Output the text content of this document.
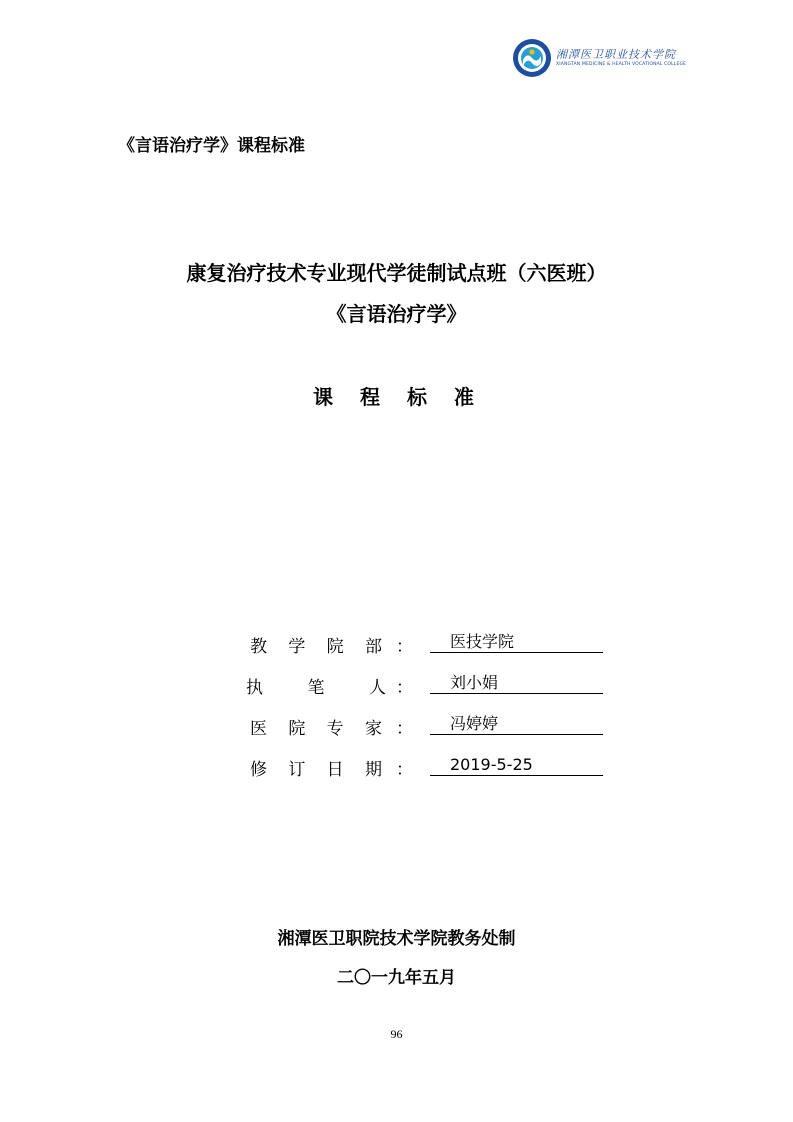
湘潭医卫职业技术学院
XIANGTAN MEDICINE & HEALTH VOCATIONAL COLLEGE
《言语治疗学》课程标准
康复治疗技术专业现代学徒制试点班（六医班）
《言语治疗学》
课 程 标 准
教 学 院 部 ：	医技学院
执	笔	人 ：	刘小娟
医 院 专 家 ：	冯婷婷
修 订 日 期 ：	2019-5-25
湘潭医卫职院技术学院教务处制
二〇一九年五月
96
